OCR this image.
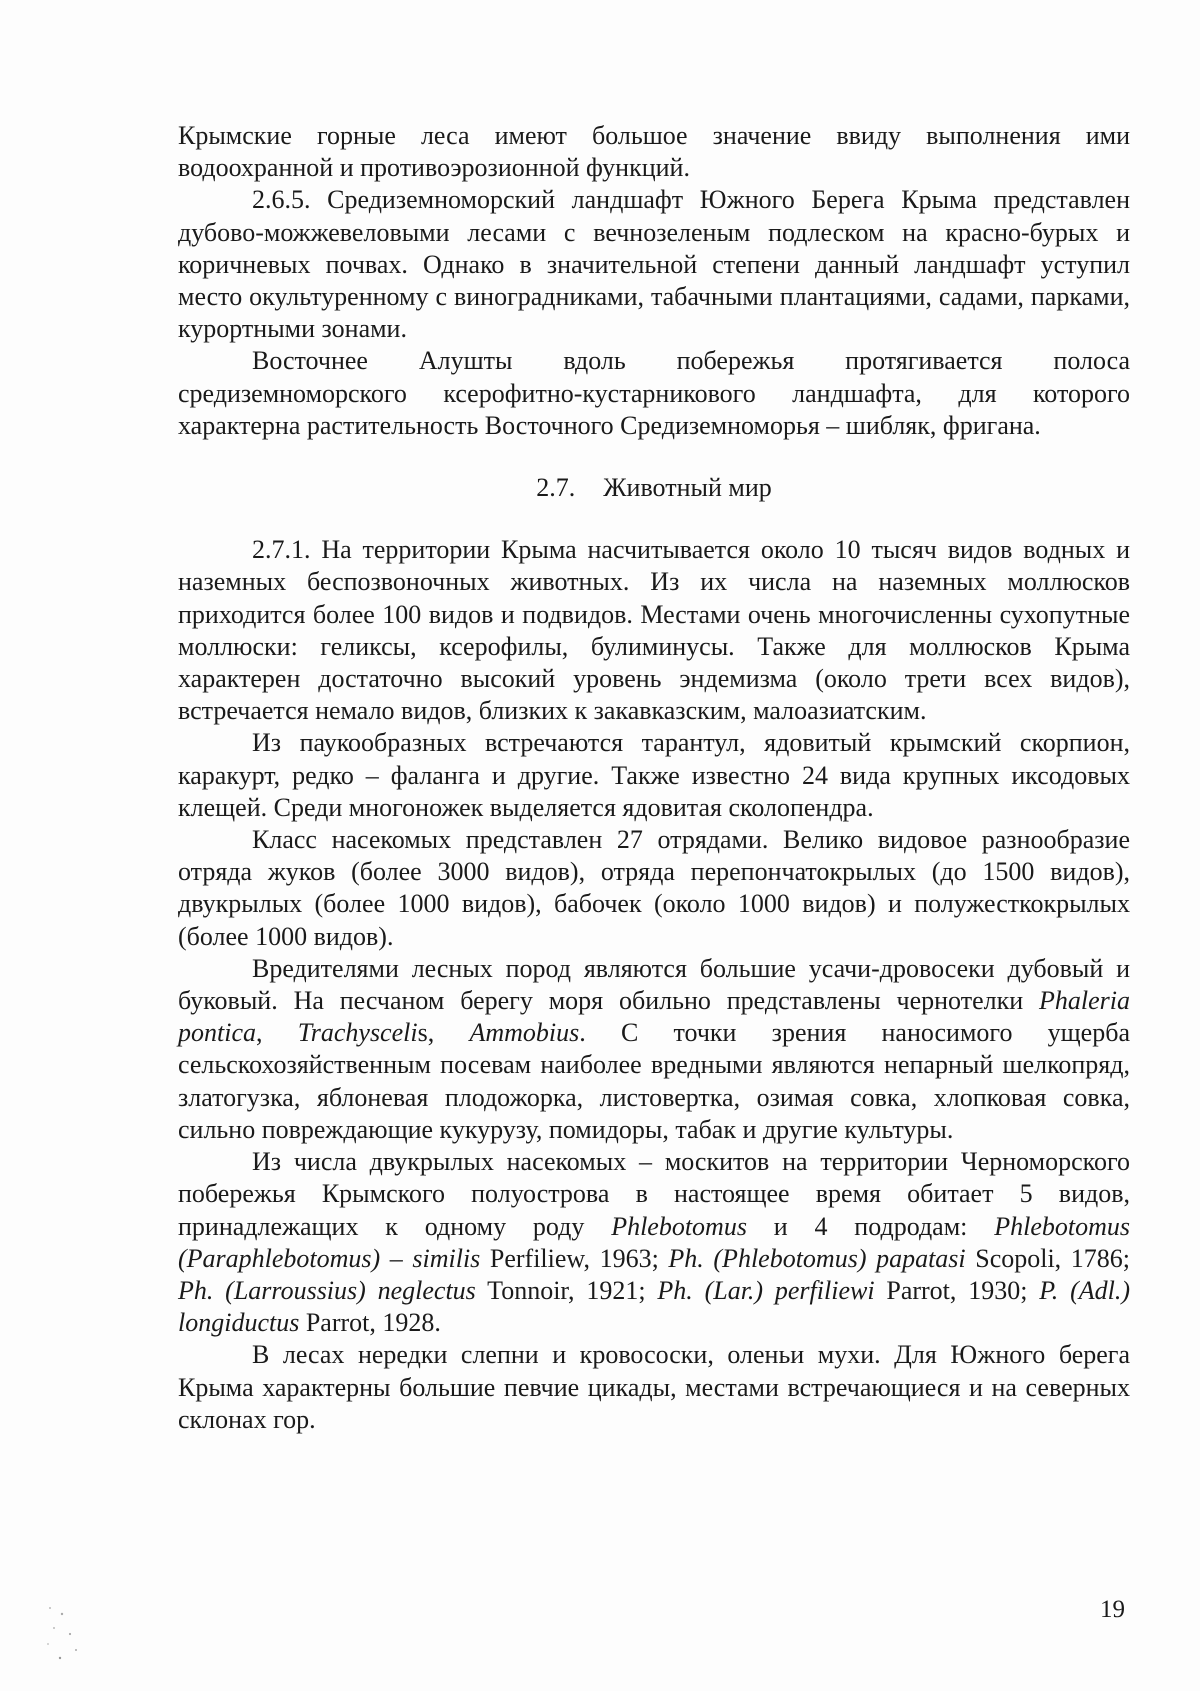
Крымские горные леса имеют большое значение ввиду выполнения ими водоохранной и противоэрозионной функций.

2.6.5. Средиземноморский ландшафт Южного Берега Крыма представлен дубово-можжевеловыми лесами с вечнозеленым подлеском на красно-бурых и коричневых почвах. Однако в значительной степени данный ландшафт уступил место окультуренному с виноградниками, табачными плантациями, садами, парками, курортными зонами.

Восточнее Алушты вдоль побережья протягивается полоса средиземноморского ксерофитно-кустарникового ландшафта, для которого характерна растительность Восточного Средиземноморья – шибляк, фригана.

2.7. Животный мир

2.7.1. На территории Крыма насчитывается около 10 тысяч видов водных и наземных беспозвоночных животных. Из их числа на наземных моллюсков приходится более 100 видов и подвидов. Местами очень многочисленны сухопутные моллюски: геликсы, ксерофилы, булиминусы. Также для моллюсков Крыма характерен достаточно высокий уровень эндемизма (около трети всех видов), встречается немало видов, близких к закавказским, малоазиатским.

Из паукообразных встречаются тарантул, ядовитый крымский скорпион, каракурт, редко – фаланга и другие. Также известно 24 вида крупных иксодовых клещей. Среди многоножек выделяется ядовитая сколопендра.

Класс насекомых представлен 27 отрядами. Велико видовое разнообразие отряда жуков (более 3000 видов), отряда перепончатокрылых (до 1500 видов), двукрылых (более 1000 видов), бабочек (около 1000 видов) и полужесткокрылых (более 1000 видов).

Вредителями лесных пород являются большие усачи-дровосеки дубовый и буковый. На песчаном берегу моря обильно представлены чернотелки Phaleria pontica, Trachyscelis, Ammobius. С точки зрения наносимого ущерба сельскохозяйственным посевам наиболее вредными являются непарный шелкопряд, златогузка, яблоневая плодожорка, листовертка, озимая совка, хлопковая совка, сильно повреждающие кукурузу, помидоры, табак и другие культуры.

Из числа двукрылых насекомых – москитов на территории Черноморского побережья Крымского полуострова в настоящее время обитает 5 видов, принадлежащих к одному роду Phlebotomus и 4 подродам: Phlebotomus (Paraphlebotomus) – similis Perfiliew, 1963; Ph. (Phlebotomus) papatasi Scopoli, 1786; Ph. (Larroussius) neglectus Tonnoir, 1921; Ph. (Lar.) perfiliewi Parrot, 1930; P. (Adl.) longiductus Parrot, 1928.

В лесах нередки слепни и кровососки, оленьи мухи. Для Южного берега Крыма характерны большие певчие цикады, местами встречающиеся и на северных склонах гор.

19
